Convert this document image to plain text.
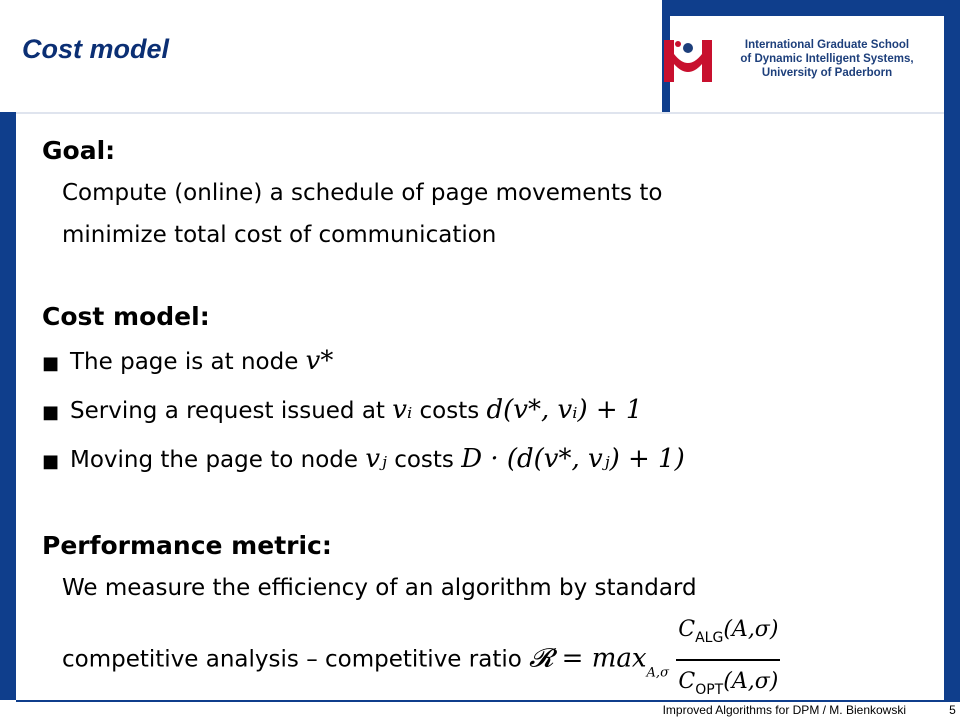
Cost model	International Graduate School
of Dynamic Intelligent Systems,
University of Paderborn
Goal:
Compute (online) a schedule of page movements to
minimize total cost of communication
Cost model:
■ The page is at node v*
■ Serving a request issued at vᵢ costs d(v*, vᵢ) + 1
■ Moving the page to node vⱼ costs D · (d(v*, vⱼ) + 1)
Performance metric:
We measure the efficiency of an algorithm by standard
competitive analysis – competitive ratio 𝓡 = $\max_{A,\sigma} \frac{C_{ALG}(A,\sigma)}{C_{OPT}(A,\sigma)}$
Improved Algorithms for DPM / M. Bienkowski	5
